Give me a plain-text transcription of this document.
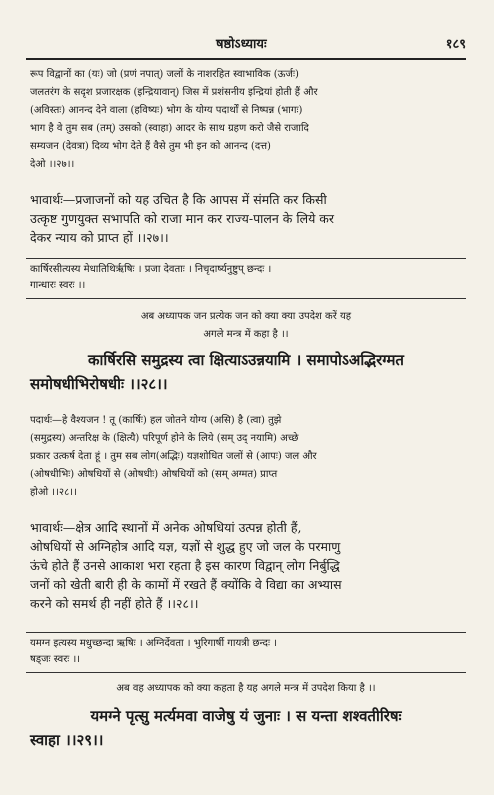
षष्ठोऽध्यायः	१८९
रूप विद्वानों का (यः) जो (प्रणं नपात्) जलों के नाशरहित स्वाभाविक (ऊर्जः)
जलतरंग के सदृश प्रजारक्षक (इन्द्रियावान्) जिस में प्रशंसनीय इन्द्रियां होती हैं और
(अविस्तः) आनन्द देने वाला (हविष्यः) भोग के योग्य पदार्थों से निष्पन्न (भागः)
भाग है वे तुम सब (तम्) उसको (स्वाहा) आदर के साथ ग्रहण करो जैसे राजादि
सम्यजन (देवत्रा) दिव्य भोग देते हैं वैसे तुम भी इन को आनन्द (दत्त)
देओ ।।२७।।
भावार्थः—प्रजाजनों को यह उचित है कि आपस में संमति कर किसी
उत्कृष्ट गुणयुक्त सभापति को राजा मान कर राज्य-पालन के लिये कर
देकर न्याय को प्राप्त हों ।।२७।।
कार्षिरसीत्यस्य मेधातिथिर्ऋषिः । प्रजा देवताः । निचृदार्ष्यनुष्टुप् छन्दः ।
गान्धारः स्वरः ।।
अब अध्यापक जन प्रत्येक जन को क्या क्या उपदेश करें यह
अगले मन्त्र में कहा है ।।
कार्षिरसि समुद्रस्य त्वा क्षित्याऽउन्नयामि । समापोऽअद्भिरग्मत
समोषधीभिरोषधीः ।।२८।।
पदार्थः—हे वैश्यजन ! तू (कार्षिः) हल जोतने योग्य (असि) है (त्वा) तुझे
(समुद्रस्य) अन्तरिक्ष के (क्षित्यै) परिपूर्ण होने के लिये (सम् उद् नयामि) अच्छे
प्रकार उत्कर्ष देता हूं । तुम सब लोग(अद्भिः) यज्ञशोधित जलों से (आपः) जल और
(ओषधीभिः) ओषधियों से (ओषधीः) ओषधियों को (सम् अग्मत) प्राप्त
होओ ।।२८।।
भावार्थः—क्षेत्र आदि स्थानों में अनेक ओषधियां उत्पन्न होती हैं,
ओषधियों से अग्निहोत्र आदि यज्ञ, यज्ञों से शुद्ध हुए जो जल के परमाणु
ऊंचे होते हैं उनसे आकाश भरा रहता है इस कारण विद्वान् लोग निर्बुद्धि
जनों को खेती बारी ही के कामों में रखते हैं क्योंकि वे विद्या का अभ्यास
करने को समर्थ ही नहीं होते हैं ।।२८।।
यमग्न इत्यस्य मधुच्छन्दा ऋषिः । अग्निर्देवता । भुरिगार्षी गायत्री छन्दः ।
षड्जः स्वरः ।।
अब वह अध्यापक को क्या कहता है यह अगले मन्त्र में उपदेश किया है ।।
यमग्ने पृत्सु मर्त्यमवा वाजेषु यं जुनाः । स यन्ता शश्वतीरिषः
स्वाहा ।।२९।।
